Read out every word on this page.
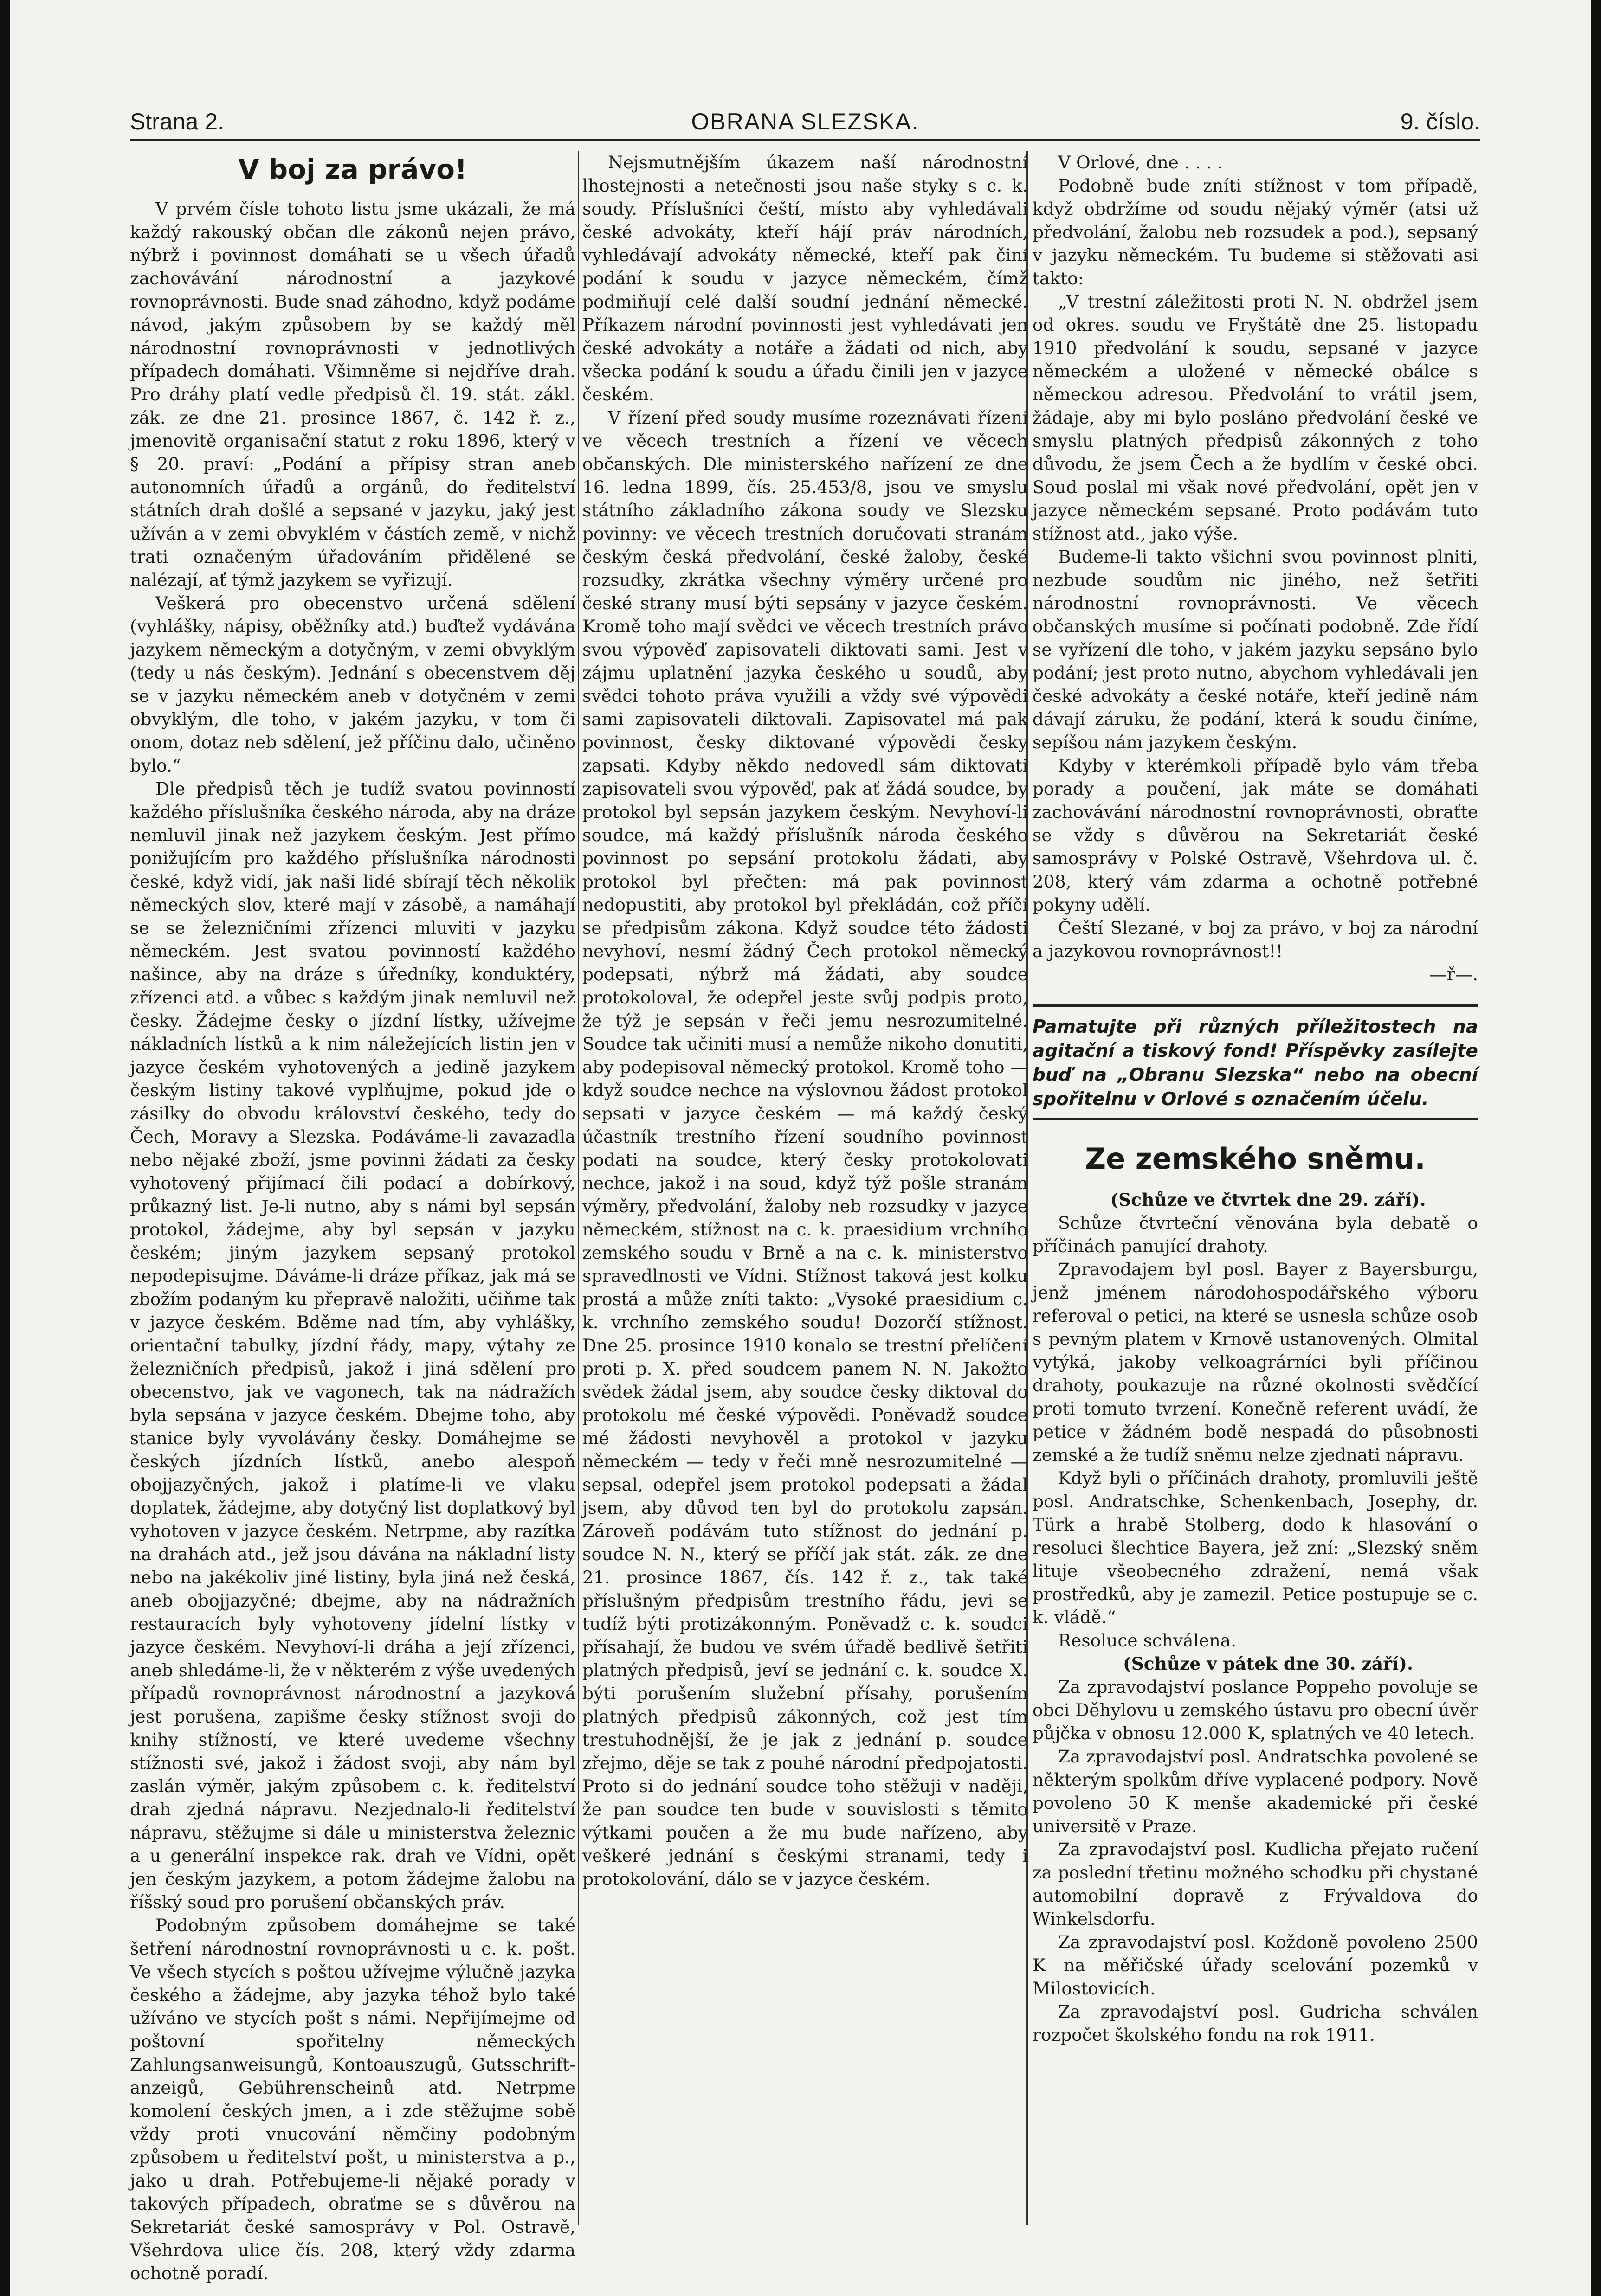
Strana 2.	OBRANA SLEZSKA.	9. číslo.
V boj za právo!

V prvém čísle tohoto listu jsme ukázali, že má každý rakouský občan dle zákonů nejen právo, nýbrž i povinnost domáhati se u všech úřadů zachovávání národnostní a jazykové rovnoprávnosti. Bude snad záhodno, když podáme návod, jakým způsobem by se každý měl národnostní rovnoprávnosti v jednotlivých případech domáhati. Všimněme si nejdříve drah. Pro dráhy platí vedle předpisů čl. 19. stát. zákl. zák. ze dne 21. prosince 1867, č. 142 ř. z., jmenovitě organisační statut z roku 1896, který v § 20. praví: „Podání a přípisy stran aneb autonomních úřadů a orgánů, do ředitelství státních drah došlé a sepsané v jazyku, jaký jest užíván a v zemi obvyklém v částích země, v nichž trati označeným úřadováním přidělené se nalézají, ať týmž jazykem se vyřizují.

Veškerá pro obecenstvo určená sdělení (vyhlášky, nápisy, oběžníky atd.) buďtež vydávána jazykem německým a dotyčným, v zemi obvyklým (tedy u nás českým). Jednání s obecenstvem děj se v jazyku německém aneb v dotyčném v zemi obvyklým, dle toho, v jakém jazyku, v tom či onom, dotaz neb sdělení, jež příčinu dalo, učiněno bylo.“

Dle předpisů těch je tudíž svatou povinností každého příslušníka českého národa, aby na dráze nemluvil jinak než jazykem českým. Jest přímo ponižujícím pro každého příslušníka národnosti české, když vidí, jak naši lidé sbírají těch několik německých slov, které mají v zásobě, a namáhají se se železničními zřízenci mluviti v jazyku německém. Jest svatou povinností každého našince, aby na dráze s úředníky, konduktéry, zřízenci atd. a vůbec s každým jinak nemluvil než česky. Žádejme česky o jízdní lístky, užívejme nákladních lístků a k nim náležejících listin jen v jazyce českém vyhotovených a jedině jazykem českým listiny takové vyplňujme, pokud jde o zásilky do obvodu království českého, tedy do Čech, Moravy a Slezska. Podáváme-li zavazadla nebo nějaké zboží, jsme povinni žádati za česky vyhotovený přijímací čili podací a dobírkový, průkazný list. Je-li nutno, aby s námi byl sepsán protokol, žádejme, aby byl sepsán v jazyku českém; jiným jazykem sepsaný protokol nepodepisujme. Dáváme-li dráze příkaz, jak má se zbožím podaným ku přepravě naložiti, učiňme tak v jazyce českém. Bděme nad tím, aby vyhlášky, orientační tabulky, jízdní řády, mapy, výtahy ze železničních předpisů, jakož i jiná sdělení pro obecenstvo, jak ve vagonech, tak na nádražích byla sepsána v jazyce českém. Dbejme toho, aby stanice byly vyvolávány česky. Domáhejme se českých jízdních lístků, anebo alespoň obojjazyčných, jakož i platíme-li ve vlaku doplatek, žádejme, aby dotyčný list doplatkový byl vyhotoven v jazyce českém. Netrpme, aby razítka na drahách atd., jež jsou dávána na nákladní listy nebo na jakékoliv jiné listiny, byla jiná než česká, aneb obojjazyčné; dbejme, aby na nádražních restauracích byly vyhotoveny jídelní lístky v jazyce českém. Nevyhoví-li dráha a její zřízenci, aneb shledáme-li, že v některém z výše uvedených případů rovnoprávnost národnostní a jazyková jest porušena, zapišme česky stížnost svoji do knihy stížností, ve které uvedeme všechny stížnosti své, jakož i žádost svoji, aby nám byl zaslán výměr, jakým způsobem c. k. ředitelství drah zjedná nápravu. Nezjednalo-li ředitelství nápravu, stěžujme si dále u ministerstva železnic a u generální inspekce rak. drah ve Vídni, opět jen českým jazykem, a potom žádejme žalobu na říšský soud pro porušení občanských práv.

Podobným způsobem domáhejme se také šetření národnostní rovnoprávnosti u c. k. pošt. Ve všech stycích s poštou užívejme výlučně jazyka českého a žádejme, aby jazyka téhož bylo také užíváno ve stycích pošt s námi. Nepřijímejme od poštovní spořitelny německých Zahlungsanweisungů, Kontoauszugů, Gutsschrift-anzeigů, Gebührenscheinů atd. Netrpme komolení českých jmen, a i zde stěžujme sobě vždy proti vnucování němčiny podobným způsobem u ředitelství pošt, u ministerstva a p., jako u drah. Potřebujeme-li nějaké porady v takových případech, obraťme se s důvěrou na Sekretariát české samosprávy v Pol. Ostravě, Všehrdova ulice čís. 208, který vždy zdarma ochotně poradí.

Nejsmutnějším úkazem naší národnostní lhostejnosti a netečnosti jsou naše styky s c. k. soudy. Příslušníci čeští, místo aby vyhledávali české advokáty, kteří hájí práv národních, vyhledávají advokáty německé, kteří pak činí podání k soudu v jazyce německém, čímž podmiňují celé další soudní jednání německé. Příkazem národní povinnosti jest vyhledávati jen české advokáty a notáře a žádati od nich, aby všecka podání k soudu a úřadu činili jen v jazyce českém.

V řízení před soudy musíme rozeznávati řízení ve věcech trestních a řízení ve věcech občanských. Dle ministerského nařízení ze dne 16. ledna 1899, čís. 25.453/8, jsou ve smyslu státního základního zákona soudy ve Slezsku povinny: ve věcech trestních doručovati stranám českým česká předvolání, české žaloby, české rozsudky, zkrátka všechny výměry určené pro české strany musí býti sepsány v jazyce českém. Kromě toho mají svědci ve věcech trestních právo svou výpověď zapisovateli diktovati sami. Jest v zájmu uplatnění jazyka českého u soudů, aby svědci tohoto práva využili a vždy své výpovědi sami zapisovateli diktovali. Zapisovatel má pak povinnost, česky diktované výpovědi česky zapsati. Kdyby někdo nedovedl sám diktovati zapisovateli svou výpověď, pak ať žádá soudce, by protokol byl sepsán jazykem českým. Nevyhoví-li soudce, má každý příslušník národa českého povinnost po sepsání protokolu žádati, aby protokol byl přečten: má pak povinnost nedopustiti, aby protokol byl překládán, což příčí se předpisům zákona. Když soudce této žádosti nevyhoví, nesmí žádný Čech protokol německý podepsati, nýbrž má žádati, aby soudce protokoloval, že odepřel jeste svůj podpis proto, že týž je sepsán v řeči jemu nesrozumitelné. Soudce tak učiniti musí a nemůže nikoho donutiti, aby podepisoval německý protokol. Kromě toho — když soudce nechce na výslovnou žádost protokol sepsati v jazyce českém — má každý český účastník trestního řízení soudního povinnost podati na soudce, který česky protokolovati nechce, jakož i na soud, když týž pošle stranám výměry, předvolání, žaloby neb rozsudky v jazyce německém, stížnost na c. k. praesidium vrchního zemského soudu v Brně a na c. k. ministerstvo spravedlnosti ve Vídni. Stížnost taková jest kolku prostá a může zníti takto: „Vysoké praesidium c. k. vrchního zemského soudu! Dozorčí stížnost. Dne 25. prosince 1910 konalo se trestní přelíčení proti p. X. před soudcem panem N. N. Jakožto svědek žádal jsem, aby soudce česky diktoval do protokolu mé české výpovědi. Poněvadž soudce mé žádosti nevyhověl a protokol v jazyku německém — tedy v řeči mně nesrozumitelné — sepsal, odepřel jsem protokol podepsati a žádal jsem, aby důvod ten byl do protokolu zapsán. Zároveň podávám tuto stížnost do jednání p. soudce N. N., který se příčí jak stát. zák. ze dne 21. prosince 1867, čís. 142 ř. z., tak také příslušným předpisům trestního řádu, jevi se tudíž býti protizákonným. Poněvadž c. k. soudci přísahají, že budou ve svém úřadě bedlivě šetřiti platných předpisů, jeví se jednání c. k. soudce X. býti porušením služební přísahy, porušením platných předpisů zákonných, což jest tím trestuhodnější, že je jak z jednání p. soudce zřejmo, děje se tak z pouhé národní předpojatosti. Proto si do jednání soudce toho stěžuji v naději, že pan soudce ten bude v souvislosti s těmito výtkami poučen a že mu bude nařízeno, aby veškeré jednání s českými stranami, tedy i protokolování, dálo se v jazyce českém.

V Orlové, dne . . . .

Podobně bude zníti stížnost v tom případě, když obdržíme od soudu nějaký výměr (atsi už předvolání, žalobu neb rozsudek a pod.), sepsaný v jazyku německém. Tu budeme si stěžovati asi takto:

„V trestní záležitosti proti N. N. obdržel jsem od okres. soudu ve Fryštátě dne 25. listopadu 1910 předvolání k soudu, sepsané v jazyce německém a uložené v německé obálce s německou adresou. Předvolání to vrátil jsem, žádaje, aby mi bylo posláno předvolání české ve smyslu platných předpisů zákonných z toho důvodu, že jsem Čech a že bydlím v české obci. Soud poslal mi však nové předvolání, opět jen v jazyce německém sepsané. Proto podávám tuto stížnost atd., jako výše.

Budeme-li takto všichni svou povinnost plniti, nezbude soudům nic jiného, než šetřiti národnostní rovnoprávnosti. Ve věcech občanských musíme si počínati podobně. Zde řídí se vyřízení dle toho, v jakém jazyku sepsáno bylo podání; jest proto nutno, abychom vyhledávali jen české advokáty a české notáře, kteří jedině nám dávají záruku, že podání, která k soudu činíme, sepíšou nám jazykem českým.

Kdyby v kterémkoli případě bylo vám třeba porady a poučení, jak máte se domáhati zachovávání národnostní rovnoprávnosti, obraťte se vždy s důvěrou na Sekretariát české samosprávy v Polské Ostravě, Všehrdova ul. č. 208, který vám zdarma a ochotně potřebné pokyny udělí.

Čeští Slezané, v boj za právo, v boj za národní a jazykovou rovnoprávnost!!

—ř—.

Pamatujte při různých příležitostech na agitační a tiskový fond! Příspěvky zasílejte buď na „Obranu Slezska“ nebo na obecní spořitelnu v Orlové s označením účelu.
Ze zemského sněmu.

(Schůze ve čtvrtek dne 29. září).

Schůze čtvrteční věnována byla debatě o příčinách panující drahoty.

Zpravodajem byl posl. Bayer z Bayersburgu, jenž jménem národohospodářského výboru referoval o petici, na které se usnesla schůze osob s pevným platem v Krnově ustanovených. Olmital vytýká, jakoby velkoagrárníci byli příčinou drahoty, poukazuje na různé okolnosti svědčící proti tomuto tvrzení. Konečně referent uvádí, že petice v žádném bodě nespadá do působnosti zemské a že tudíž sněmu nelze zjednati nápravu.

Když byli o příčinách drahoty, promluvili ještě posl. Andratschke, Schenkenbach, Josephy, dr. Türk a hrabě Stolberg, dodo k hlasování o resoluci šlechtice Bayera, jež zní: „Slezský sněm lituje všeobecného zdražení, nemá však prostředků, aby je zamezil. Petice postupuje se c. k. vládě.“

Resoluce schválena.

(Schůze v pátek dne 30. září).

Za zpravodajství poslance Poppeho povoluje se obci Děhylovu u zemského ústavu pro obecní úvěr půjčka v obnosu 12.000 K, splatných ve 40 letech.

Za zpravodajství posl. Andratschka povolené se některým spolkům dříve vyplacené podpory. Nově povoleno 50 K menše akademické při české universitě v Praze.

Za zpravodajství posl. Kudlicha přejato ručení za poslední třetinu možného schodku při chystané automobilní dopravě z Frývaldova do Winkelsdorfu.

Za zpravodajství posl. Koždoně povoleno 2500 K na měřičské úřady scelování pozemků v Milostovicích.

Za zpravodajství posl. Gudricha schválen rozpočet školského fondu na rok 1911.
